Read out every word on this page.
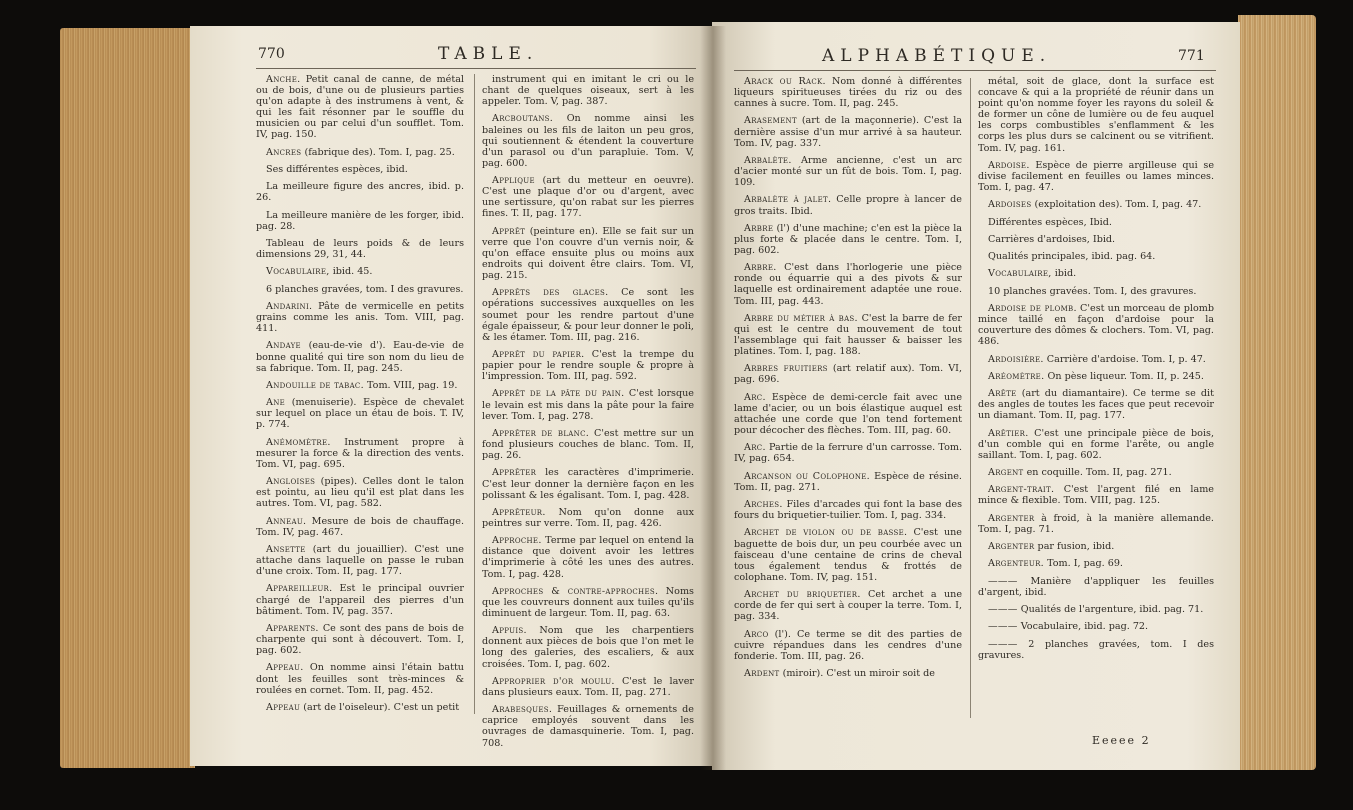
770	TABLE.

Anche. Petit canal de canne, de métal ou de bois, d'une ou de plusieurs parties qu'on adapte à des instrumens à vent, & qui les fait résonner par le souffle du musicien ou par celui d'un soufflet. Tom. IV, pag. 150.

Ancres (fabrique des). Tom. I, pag. 25.

Ses différentes espèces, ibid.

La meilleure figure des ancres, ibid. p. 26.

La meilleure manière de les forger, ibid. pag. 28.

Tableau de leurs poids & de leurs dimensions 29, 31, 44.

Vocabulaire, ibid. 45.

6 planches gravées, tom. I des gravures.

Andarini. Pâte de vermicelle en petits grains comme les anis. Tom. VIII, pag. 411.

Andaye (eau-de-vie d'). Eau-de-vie de bonne qualité qui tire son nom du lieu de sa fabrique. Tom. II, pag. 245.

Andouille de tabac. Tom. VIII, pag. 19.

Ane (menuiserie). Espèce de chevalet sur lequel on place un étau de bois. T. IV, p. 774.

Anémomètre. Instrument propre à mesurer la force & la direction des vents. Tom. VI, pag. 695.

Angloises (pipes). Celles dont le talon est pointu, au lieu qu'il est plat dans les autres. Tom. VI, pag. 582.

Anneau. Mesure de bois de chauffage. Tom. IV, pag. 467.

Ansette (art du jouaillier). C'est une attache dans laquelle on passe le ruban d'une croix. Tom. II, pag. 177.

Appareilleur. Est le principal ouvrier chargé de l'appareil des pierres d'un bâtiment. Tom. IV, pag. 357.

Apparents. Ce sont des pans de bois de charpente qui sont à découvert. Tom. I, pag. 602.

Appeau. On nomme ainsi l'étain battu dont les feuilles sont très-minces & roulées en cornet. Tom. II, pag. 452.

Appeau (art de l'oiseleur). C'est un petit

instrument qui en imitant le cri ou le chant de quelques oiseaux, sert à les appeler. Tom. V, pag. 387.

Arcboutans. On nomme ainsi les baleines ou les fils de laiton un peu gros, qui soutiennent & étendent la couverture d'un parasol ou d'un parapluie. Tom. V, pag. 600.

Applique (art du metteur en oeuvre). C'est une plaque d'or ou d'argent, avec une sertissure, qu'on rabat sur les pierres fines. T. II, pag. 177.

Apprêt (peinture en). Elle se fait sur un verre que l'on couvre d'un vernis noir, & qu'on efface ensuite plus ou moins aux endroits qui doivent être clairs. Tom. VI, pag. 215.

Apprêts des glaces. Ce sont les opérations successives auxquelles on les soumet pour les rendre partout d'une égale épaisseur, & pour leur donner le poli, & les étamer. Tom. III, pag. 216.

Apprêt du papier. C'est la trempe du papier pour le rendre souple & propre à l'impression. Tom. III, pag. 592.

Apprêt de la pâte du pain. C'est lorsque le levain est mis dans la pâte pour la faire lever. Tom. I, pag. 278.

Apprêter de blanc. C'est mettre sur un fond plusieurs couches de blanc. Tom. II, pag. 26.

Apprêter les caractères d'imprimerie. C'est leur donner la dernière façon en les polissant & les égalisant. Tom. I, pag. 428.

Apprêteur. Nom qu'on donne aux peintres sur verre. Tom. II, pag. 426.

Approche. Terme par lequel on entend la distance que doivent avoir les lettres d'imprimerie à côté les unes des autres. Tom. I, pag. 428.

Approches & contre-approches. Noms que les couvreurs donnent aux tuiles qu'ils diminuent de largeur. Tom. II, pag. 63.

Appuis. Nom que les charpentiers donnent aux pièces de bois que l'on met le long des galeries, des escaliers, & aux croisées. Tom. I, pag. 602.

Approprier d'or moulu. C'est le laver dans plusieurs eaux. Tom. II, pag. 271.

Arabesques. Feuillages & ornements de caprice employés souvent dans les ouvrages de damasquinerie. Tom. I, pag. 708.

ALPHABÉTIQUE.	771

Arack ou Rack. Nom donné à différentes liqueurs spiritueuses tirées du riz ou des cannes à sucre. Tom. II, pag. 245.

Arasement (art de la maçonnerie). C'est la dernière assise d'un mur arrivé à sa hauteur. Tom. IV, pag. 337.

Arbalète. Arme ancienne, c'est un arc d'acier monté sur un fût de bois. Tom. I, pag. 109.

Arbalète à jalet. Celle propre à lancer de gros traits. Ibid.

Arbre (l') d'une machine; c'en est la pièce la plus forte & placée dans le centre. Tom. I, pag. 602.

Arbre. C'est dans l'horlogerie une pièce ronde ou équarrie qui a des pivots & sur laquelle est ordinairement adaptée une roue. Tom. III, pag. 443.

Arbre du métier à bas. C'est la barre de fer qui est le centre du mouvement de tout l'assemblage qui fait hausser & baisser les platines. Tom. I, pag. 188.

Arbres fruitiers (art relatif aux). Tom. VI, pag. 696.

Arc. Espèce de demi-cercle fait avec une lame d'acier, ou un bois élastique auquel est attachée une corde que l'on tend fortement pour décocher des flèches. Tom. III, pag. 60.

Arc. Partie de la ferrure d'un carrosse. Tom. IV, pag. 654.

Arcanson ou Colophone. Espèce de résine. Tom. II, pag. 271.

Arches. Files d'arcades qui font la base des fours du briquetier-tuilier. Tom. I, pag. 334.

Archet de violon ou de basse. C'est une baguette de bois dur, un peu courbée avec un faisceau d'une centaine de crins de cheval tous également tendus & frottés de colophane. Tom. IV, pag. 151.

Archet du briquetier. Cet archet a une corde de fer qui sert à couper la terre. Tom. I, pag. 334.

Arco (l'). Ce terme se dit des parties de cuivre répandues dans les cendres d'une fonderie. Tom. III, pag. 26.

Ardent (miroir). C'est un miroir soit de

métal, soit de glace, dont la surface est concave & qui a la propriété de réunir dans un point qu'on nomme foyer les rayons du soleil & de former un cône de lumière ou de feu auquel les corps combustibles s'enflamment & les corps les plus durs se calcinent ou se vitrifient. Tom. IV, pag. 161.

Ardoise. Espèce de pierre argilleuse qui se divise facilement en feuilles ou lames minces. Tom. I, pag. 47.

Ardoises (exploitation des). Tom. I, pag. 47.

Différentes espèces, Ibid.

Carrières d'ardoises, Ibid.

Qualités principales, ibid. pag. 64.

Vocabulaire, ibid.

10 planches gravées. Tom. I, des gravures.

Ardoise de plomb. C'est un morceau de plomb mince taillé en façon d'ardoise pour la couverture des dômes & clochers. Tom. VI, pag. 486.

Ardoisière. Carrière d'ardoise. Tom. I, p. 47.

Aréomètre. On pèse liqueur. Tom. II, p. 245.

Arête (art du diamantaire). Ce terme se dit des angles de toutes les faces que peut recevoir un diamant. Tom. II, pag. 177.

Arêtier. C'est une principale pièce de bois, d'un comble qui en forme l'arête, ou angle saillant. Tom. I, pag. 602.

Argent en coquille. Tom. II, pag. 271.

Argent-trait. C'est l'argent filé en lame mince & flexible. Tom. VIII, pag. 125.

Argenter à froid, à la manière allemande. Tom. I, pag. 71.

Argenter par fusion, ibid.

Argenteur. Tom. I, pag. 69.

——— Manière d'appliquer les feuilles d'argent, ibid.

——— Qualités de l'argenture, ibid. pag. 71.

——— Vocabulaire, ibid. pag. 72.

——— 2 planches gravées, tom. I des gravures.

Eeeee 2
